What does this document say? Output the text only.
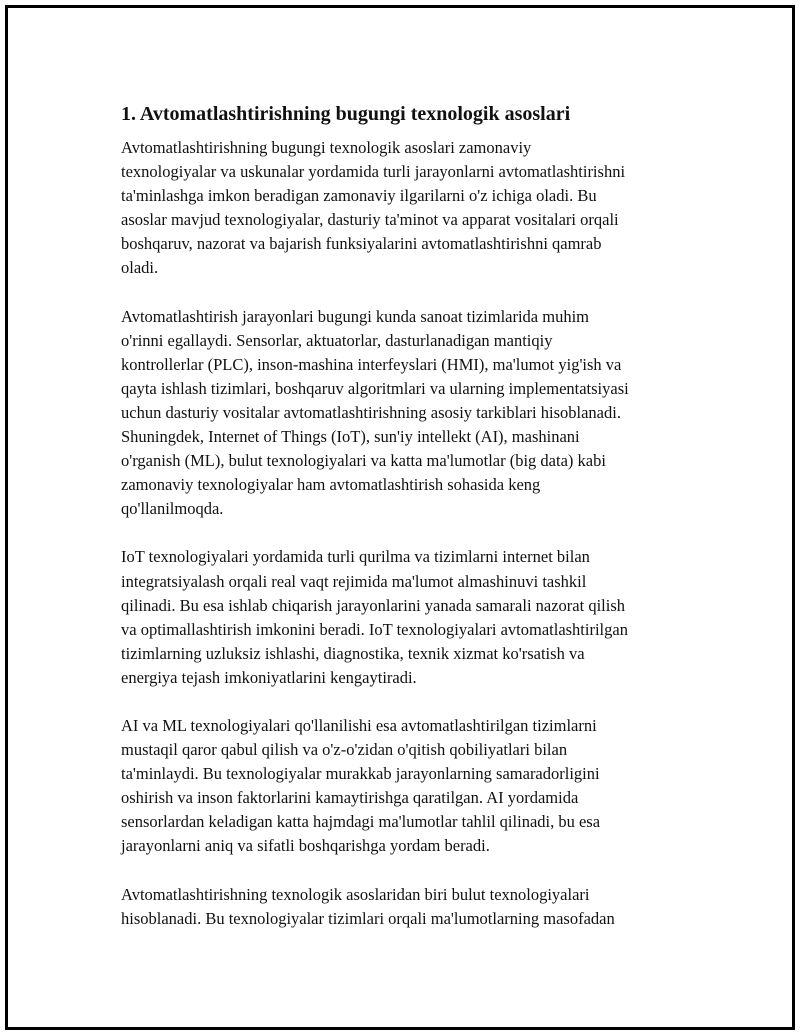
1. Avtomatlashtirishning bugungi texnologik asoslari

Avtomatlashtirishning bugungi texnologik asoslari zamonaviy
texnologiyalar va uskunalar yordamida turli jarayonlarni avtomatlashtirishni
ta'minlashga imkon beradigan zamonaviy ilgarilarni o'z ichiga oladi. Bu
asoslar mavjud texnologiyalar, dasturiy ta'minot va apparat vositalari orqali
boshqaruv, nazorat va bajarish funksiyalarini avtomatlashtirishni qamrab
oladi.

Avtomatlashtirish jarayonlari bugungi kunda sanoat tizimlarida muhim
o'rinni egallaydi. Sensorlar, aktuatorlar, dasturlanadigan mantiqiy
kontrollerlar (PLC), inson-mashina interfeyslari (HMI), ma'lumot yig'ish va
qayta ishlash tizimlari, boshqaruv algoritmlari va ularning implementatsiyasi
uchun dasturiy vositalar avtomatlashtirishning asosiy tarkiblari hisoblanadi.
Shuningdek, Internet of Things (IoT), sun'iy intellekt (AI), mashinani
o'rganish (ML), bulut texnologiyalari va katta ma'lumotlar (big data) kabi
zamonaviy texnologiyalar ham avtomatlashtirish sohasida keng
qo'llanilmoqda.

IoT texnologiyalari yordamida turli qurilma va tizimlarni internet bilan
integratsiyalash orqali real vaqt rejimida ma'lumot almashinuvi tashkil
qilinadi. Bu esa ishlab chiqarish jarayonlarini yanada samarali nazorat qilish
va optimallashtirish imkonini beradi. IoT texnologiyalari avtomatlashtirilgan
tizimlarning uzluksiz ishlashi, diagnostika, texnik xizmat ko'rsatish va
energiya tejash imkoniyatlarini kengaytiradi.

AI va ML texnologiyalari qo'llanilishi esa avtomatlashtirilgan tizimlarni
mustaqil qaror qabul qilish va o'z-o'zidan o'qitish qobiliyatlari bilan
ta'minlaydi. Bu texnologiyalar murakkab jarayonlarning samaradorligini
oshirish va inson faktorlarini kamaytirishga qaratilgan. AI yordamida
sensorlardan keladigan katta hajmdagi ma'lumotlar tahlil qilinadi, bu esa
jarayonlarni aniq va sifatli boshqarishga yordam beradi.

Avtomatlashtirishning texnologik asoslaridan biri bulut texnologiyalari
hisoblanadi. Bu texnologiyalar tizimlari orqali ma'lumotlarning masofadan
